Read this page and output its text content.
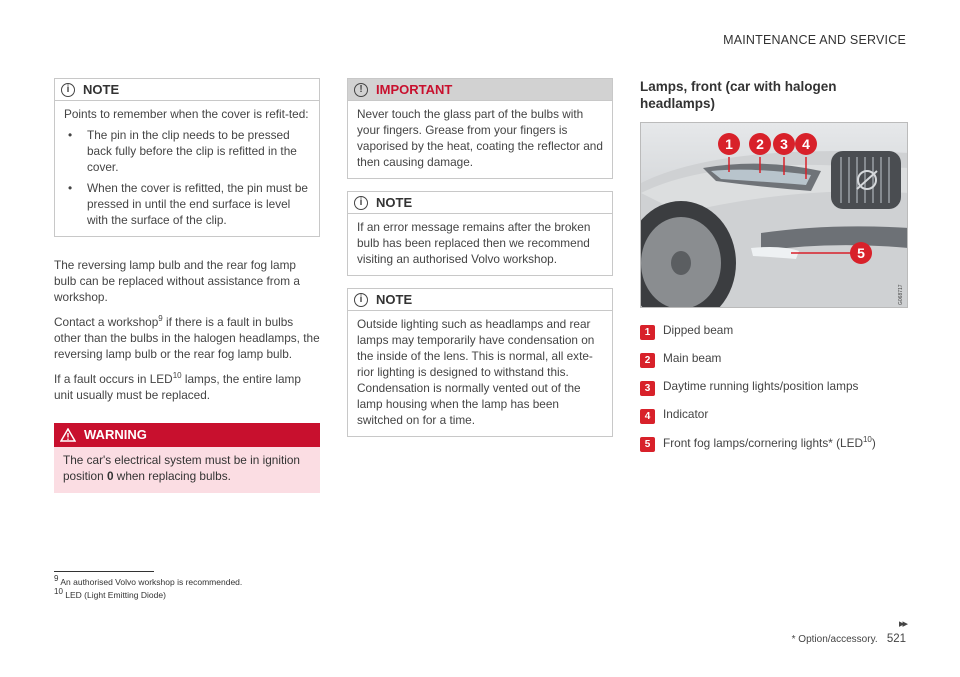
MAINTENANCE AND SERVICE
i	NOTE
Points to remember when the cover is refit-ted:
•	The pin in the clip needs to be pressed back fully before the clip is refitted in the cover.
•	When the cover is refitted, the pin must be pressed in until the end surface is level with the surface of the clip.

The reversing lamp bulb and the rear fog lamp bulb can be replaced without assistance from a workshop.

Contact a workshop$^9$ if there is a fault in bulbs other than the bulbs in the halogen headlamps, the reversing lamp bulb or the rear fog lamp bulb.

If a fault occurs in LED$^{10}$ lamps, the entire lamp unit usually must be replaced.

WARNING
The car's electrical system must be in ignition position 0 when replacing bulbs.
!	IMPORTANT
Never touch the glass part of the bulbs with your fingers. Grease from your fingers is vaporised by the heat, coating the reflector and then causing damage.
i	NOTE
If an error message remains after the broken bulb has been replaced then we recommend visiting an authorised Volvo workshop.
i	NOTE
Outside lighting such as headlamps and rear lamps may temporarily have condensation on the inside of the lens. This is normal, all exte-rior lighting is designed to withstand this. Condensation is normally vented out of the lamp housing when the lamp has been switched on for a time.
Lamps, front (car with halogen headlamps)
1 2 3 4
5
G068717
1	Dipped beam
2	Main beam
3	Daytime running lights/position lamps
4	Indicator
5	Front fog lamps/cornering lights* (LED$^{10}$)
$^9$ An authorised Volvo workshop is recommended.
$^{10}$ LED (Light Emitting Diode)
▸▸
* Option/accessory. 521
